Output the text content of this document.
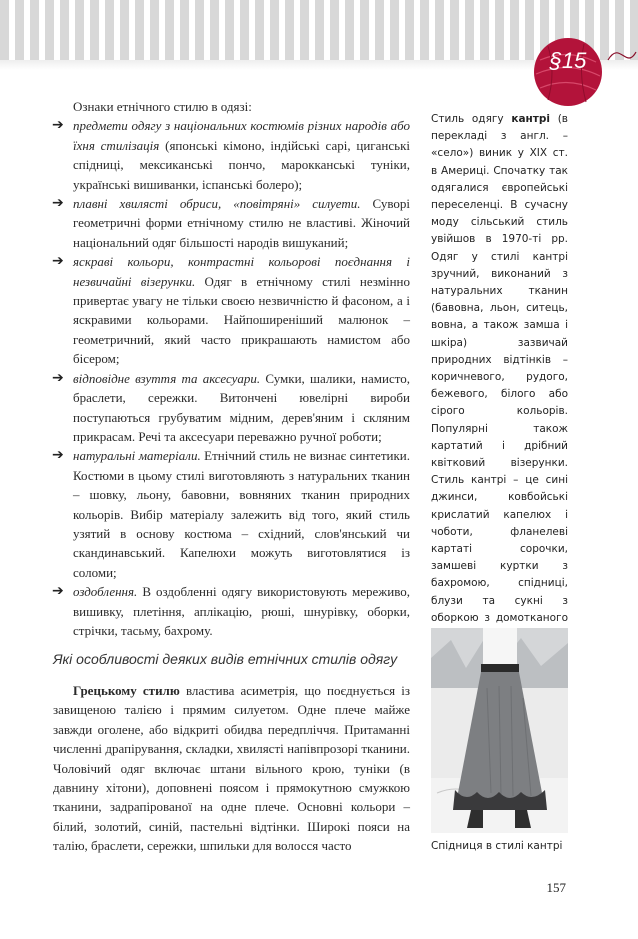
§15

Ознаки етнічного стилю в одязі:

➔ предмети одягу з національних костюмів різних народів або їхня стилізація (японські кімоно, індійські сарі, циганські спідниці, мексиканські пончо, марокканські туніки, українські вишиванки, іспанські болеро);
➔ плавні хвилясті обриси, «повітряні» силуети. Суворі геометричні форми етнічному стилю не властиві. Жіночий національний одяг більшості народів вишуканий;
➔ яскраві кольори, контрастні кольорові поєднання і незвичайні візерунки. Одяг в етнічному стилі незмінно привертає увагу не тільки своєю незвичністю й фасоном, а і яскравими кольорами. Найпоширеніший малюнок – геометричний, який часто прикрашають намистом або бісером;
➔ відповідне взуття та аксесуари. Сумки, шалики, намисто, браслети, сережки. Витончені ювелірні вироби поступаються грубуватим мідним, дерев'яним і скляним прикрасам. Речі та аксесуари переважно ручної роботи;
➔ натуральні матеріали. Етнічний стиль не визнає синтетики. Костюми в цьому стилі виготовляють з натуральних тканин – шовку, льону, бавовни, вовняних тканин природних кольорів. Вибір матеріалу залежить від того, який стиль узятий в основу костюма – східний, слов'янський чи скандинавський. Капелюхи можуть виготовлятися із соломи;
➔ оздоблення. В оздобленні одягу використовують мереживо, вишивку, плетіння, аплікацію, рюші, шнурівку, оборки, стрічки, тасьму, бахрому.
Які особливості деяких видів етнічних стилів одягу

Грецькому стилю властива асиметрія, що поєднується із завищеною талією і прямим силуетом. Одне плече майже завжди оголене, або відкриті обидва передпліччя. Притаманні численні драпірування, складки, хвилясті напівпрозорі тканини. Чоловічий одяг включає штани вільного крою, туніки (в давнину хітони), доповнені поясом і прямокутною смужкою тканини, задрапірованої на одне плече. Основні кольори – білий, золотий, синій, пастельні відтінки. Широкі пояси на талію, браслети, сережки, шпильки для волосся часто

Стиль одягу кантрі (в перекладі з англ. – «село») виник у ХІХ ст. в Америці. Спочатку так одягалися європейські переселенці. В сучасну моду сільський стиль увійшов в 1970-ті рр. Одяг у стилі кантрі зручний, виконаний з натуральних тканин (бавовна, льон, ситець, вовна, а також замша і шкіра) зазвичай природних відтінків – коричневого, рудого, бежевого, білого або сірого кольорів. Популярні також картатий і дрібний квітковий візерунки. Стиль кантрі – це сині джинси, ковбойські крислатий капелюх і чоботи, фланелеві картаті сорочки, замшеві куртки з бахромою, спідниці, блузи та сукні з оборкою з домотканого
Спідниця в стилі кантрі
157
